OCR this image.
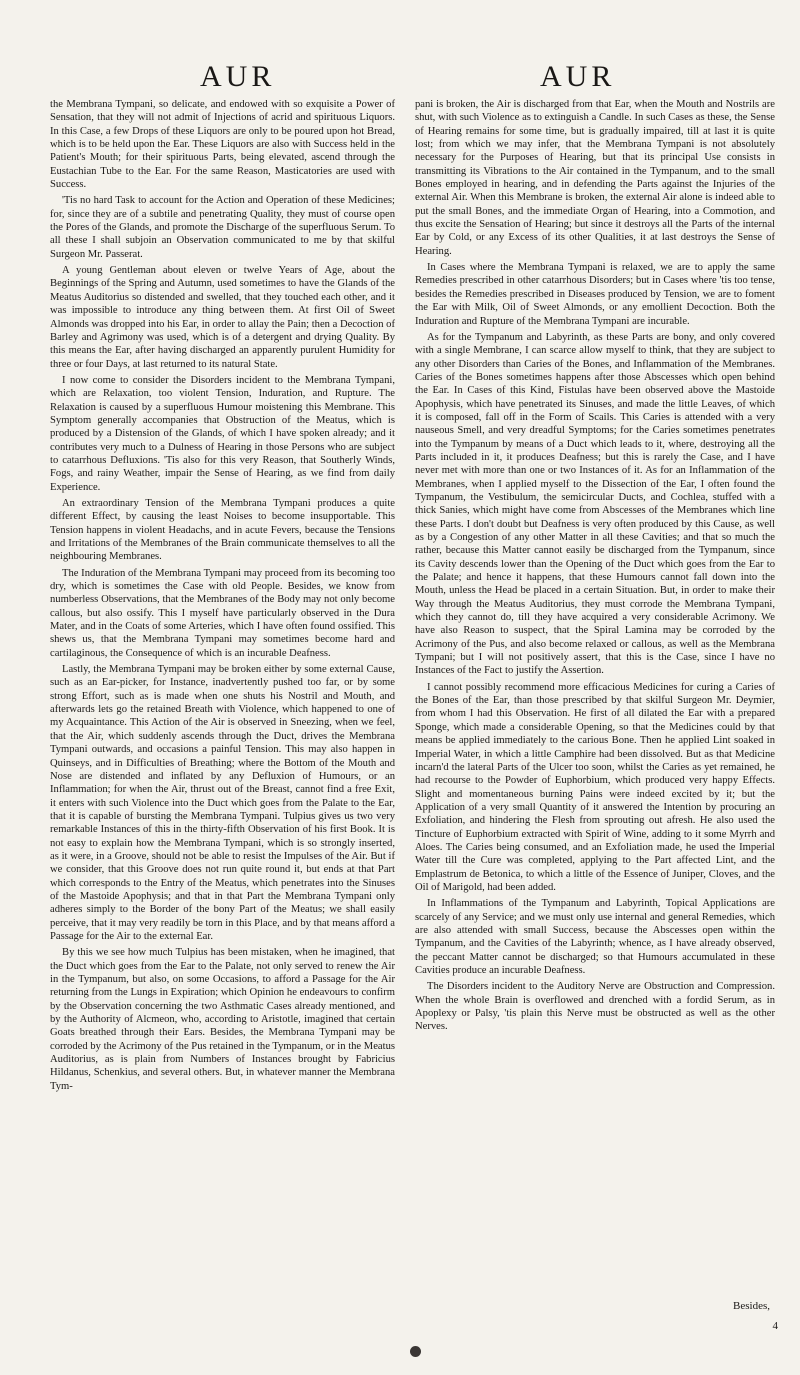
AUR	AUR

the Membrana Tympani, so delicate, and endowed with so exquisite a Power of Sensation, that they will not admit of Injections of acrid and spirituous Liquors. In this Case, a few Drops of these Liquors are only to be poured upon hot Bread, which is to be held upon the Ear. These Liquors are also with Success held in the Patient's Mouth; for their spirituous Parts, being elevated, ascend through the Eustachian Tube to the Ear. For the same Reason, Masticatories are used with Success.

'Tis no hard Task to account for the Action and Operation of these Medicines; for, since they are of a subtile and penetrating Quality, they must of course open the Pores of the Glands, and promote the Discharge of the superfluous Serum. To all these I shall subjoin an Observation communicated to me by that skilful Surgeon Mr. Passerat.

A young Gentleman about eleven or twelve Years of Age, about the Beginnings of the Spring and Autumn, used sometimes to have the Glands of the Meatus Auditorius so distended and swelled, that they touched each other, and it was impossible to introduce any thing between them. At first Oil of Sweet Almonds was dropped into his Ear, in order to allay the Pain; then a Decoction of Barley and Agrimony was used, which is of a detergent and drying Quality. By this means the Ear, after having discharged an apparently purulent Humidity for three or four Days, at last returned to its natural State.

I now come to consider the Disorders incident to the Membrana Tympani, which are Relaxation, too violent Tension, Induration, and Rupture. The Relaxation is caused by a superfluous Humour moistening this Membrane. This Symptom generally accompanies that Obstruction of the Meatus, which is produced by a Distension of the Glands, of which I have spoken already; and it contributes very much to a Dulness of Hearing in those Persons who are subject to catarrhous Defluxions. 'Tis also for this very Reason, that Southerly Winds, Fogs, and rainy Weather, impair the Sense of Hearing, as we find from daily Experience.

An extraordinary Tension of the Membrana Tympani produces a quite different Effect, by causing the least Noises to become insupportable. This Tension happens in violent Headachs, and in acute Fevers, because the Tensions and Irritations of the Membranes of the Brain communicate themselves to all the neighbouring Membranes.

The Induration of the Membrana Tympani may proceed from its becoming too dry, which is sometimes the Case with old People. Besides, we know from numberless Observations, that the Membranes of the Body may not only become callous, but also ossify. This I myself have particularly observed in the Dura Mater, and in the Coats of some Arteries, which I have often found ossified. This shews us, that the Membrana Tympani may sometimes become hard and cartilaginous, the Consequence of which is an incurable Deafness.

Lastly, the Membrana Tympani may be broken either by some external Cause, such as an Ear-picker, for Instance, inadvertently pushed too far, or by some strong Effort, such as is made when one shuts his Nostril and Mouth, and afterwards lets go the retained Breath with Violence, which happened to one of my Acquaintance. This Action of the Air is observed in Sneezing, when we feel, that the Air, which suddenly ascends through the Duct, drives the Membrana Tympani outwards, and occasions a painful Tension. This may also happen in Quinseys, and in Difficulties of Breathing; where the Bottom of the Mouth and Nose are distended and inflated by any Defluxion of Humours, or an Inflammation; for when the Air, thrust out of the Breast, cannot find a free Exit, it enters with such Violence into the Duct which goes from the Palate to the Ear, that it is capable of bursting the Membrana Tympani. Tulpius gives us two very remarkable Instances of this in the thirty-fifth Observation of his first Book. It is not easy to explain how the Membrana Tympani, which is so strongly inserted, as it were, in a Groove, should not be able to resist the Impulses of the Air. But if we consider, that this Groove does not run quite round it, but ends at that Part which corresponds to the Entry of the Meatus, which penetrates into the Sinuses of the Mastoide Apophysis; and that in that Part the Membrana Tympani only adheres simply to the Border of the bony Part of the Meatus; we shall easily perceive, that it may very readily be torn in this Place, and by that means afford a Passage for the Air to the external Ear.

By this we see how much Tulpius has been mistaken, when he imagined, that the Duct which goes from the Ear to the Palate, not only served to renew the Air in the Tympanum, but also, on some Occasions, to afford a Passage for the Air returning from the Lungs in Expiration; which Opinion he endeavours to confirm by the Observation concerning the two Asthmatic Cases already mentioned, and by the Authority of Alcmeon, who, according to Aristotle, imagined that certain Goats breathed through their Ears. Besides, the Membrana Tympani may be corroded by the Acrimony of the Pus retained in the Tympanum, or in the Meatus Auditorius, as is plain from Numbers of Instances brought by Fabricius Hildanus, Schenkius, and several others. But, in whatever manner the Membrana Tym-

pani is broken, the Air is discharged from that Ear, when the Mouth and Nostrils are shut, with such Violence as to extinguish a Candle. In such Cases as these, the Sense of Hearing remains for some time, but is gradually impaired, till at last it is quite lost; from which we may infer, that the Membrana Tympani is not absolutely necessary for the Purposes of Hearing, but that its principal Use consists in transmitting its Vibrations to the Air contained in the Tympanum, and to the small Bones employed in hearing, and in defending the Parts against the Injuries of the external Air. When this Membrane is broken, the external Air alone is indeed able to put the small Bones, and the immediate Organ of Hearing, into a Commotion, and thus excite the Sensation of Hearing; but since it destroys all the Parts of the internal Ear by Cold, or any Excess of its other Qualities, it at last destroys the Sense of Hearing.

In Cases where the Membrana Tympani is relaxed, we are to apply the same Remedies prescribed in other catarrhous Disorders; but in Cases where 'tis too tense, besides the Remedies prescribed in Diseases produced by Tension, we are to foment the Ear with Milk, Oil of Sweet Almonds, or any emollient Decoction. Both the Induration and Rupture of the Membrana Tympani are incurable.

As for the Tympanum and Labyrinth, as these Parts are bony, and only covered with a single Membrane, I can scarce allow myself to think, that they are subject to any other Disorders than Caries of the Bones, and Inflammation of the Membranes. Caries of the Bones sometimes happens after those Abscesses which open behind the Ear. In Cases of this Kind, Fistulas have been observed above the Mastoide Apophysis, which have penetrated its Sinuses, and made the little Leaves, of which it is composed, fall off in the Form of Scails. This Caries is attended with a very nauseous Smell, and very dreadful Symptoms; for the Caries sometimes penetrates into the Tympanum by means of a Duct which leads to it, where, destroying all the Parts included in it, it produces Deafness; but this is rarely the Case, and I have never met with more than one or two Instances of it. As for an Inflammation of the Membranes, when I applied myself to the Dissection of the Ear, I often found the Tympanum, the Vestibulum, the semicircular Ducts, and Cochlea, stuffed with a thick Sanies, which might have come from Abscesses of the Membranes which line these Parts. I don't doubt but Deafness is very often produced by this Cause, as well as by a Congestion of any other Matter in all these Cavities; and that so much the rather, because this Matter cannot easily be discharged from the Tympanum, since its Cavity descends lower than the Opening of the Duct which goes from the Ear to the Palate; and hence it happens, that these Humours cannot fall down into the Mouth, unless the Head be placed in a certain Situation. But, in order to make their Way through the Meatus Auditorius, they must corrode the Membrana Tympani, which they cannot do, till they have acquired a very considerable Acrimony. We have also Reason to suspect, that the Spiral Lamina may be corroded by the Acrimony of the Pus, and also become relaxed or callous, as well as the Membrana Tympani; but I will not positively assert, that this is the Case, since I have no Instances of the Fact to justify the Assertion.

I cannot possibly recommend more efficacious Medicines for curing a Caries of the Bones of the Ear, than those prescribed by that skilful Surgeon Mr. Deymier, from whom I had this Observation. He first of all dilated the Ear with a prepared Sponge, which made a considerable Opening, so that the Medicines could by that means be applied immediately to the carious Bone. Then he applied Lint soaked in Imperial Water, in which a little Camphire had been dissolved. But as that Medicine incarn'd the lateral Parts of the Ulcer too soon, whilst the Caries as yet remained, he had recourse to the Powder of Euphorbium, which produced very happy Effects. Slight and momentaneous burning Pains were indeed excited by it; but the Application of a very small Quantity of it answered the Intention by procuring an Exfoliation, and hindering the Flesh from sprouting out afresh. He also used the Tincture of Euphorbium extracted with Spirit of Wine, adding to it some Myrrh and Aloes. The Caries being consumed, and an Exfoliation made, he used the Imperial Water till the Cure was completed, applying to the Part affected Lint, and the Emplastrum de Betonica, to which a little of the Essence of Juniper, Cloves, and the Oil of Marigold, had been added.

In Inflammations of the Tympanum and Labyrinth, Topical Applications are scarcely of any Service; and we must only use internal and general Remedies, which are also attended with small Success, because the Abscesses open within the Tympanum, and the Cavities of the Labyrinth; whence, as I have already observed, the peccant Matter cannot be discharged; so that Humours accumulated in these Cavities produce an incurable Deafness.

The Disorders incident to the Auditory Nerve are Obstruction and Compression. When the whole Brain is overflowed and drenched with a fordid Serum, as in Apoplexy or Palsy, 'tis plain this Nerve must be obstructed as well as the other Nerves.

Besides,
4
